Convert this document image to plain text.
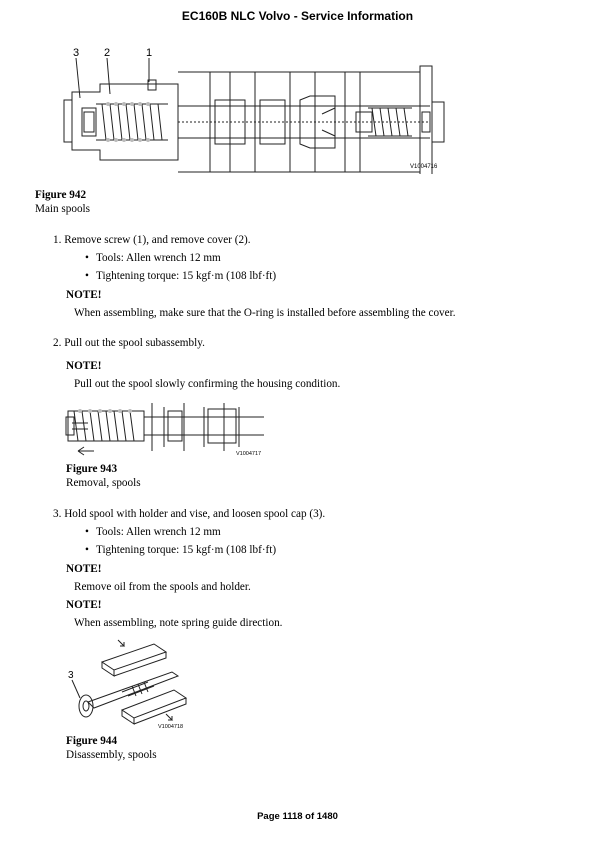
EC160B NLC Volvo - Service Information
3 2	1
V1004716
Figure 942
Main spools
1. Remove screw (1), and remove cover (2).
• Tools: Allen wrench 12 mm
• Tightening torque: 15 kgf·m (108 lbf·ft)
NOTE!
When assembling, make sure that the O-ring is installed before assembling the cover.
2. Pull out the spool subassembly.
NOTE!
Pull out the spool slowly confirming the housing condition.
V1004717
Figure 943
Removal, spools
3. Hold spool with holder and vise, and loosen spool cap (3).
• Tools: Allen wrench 12 mm
• Tightening torque: 15 kgf·m (108 lbf·ft)
NOTE!
Remove oil from the spools and holder.
NOTE!
When assembling, note spring guide direction.
3
V1004718
Figure 944
Disassembly, spools
Page 1118 of 1480
